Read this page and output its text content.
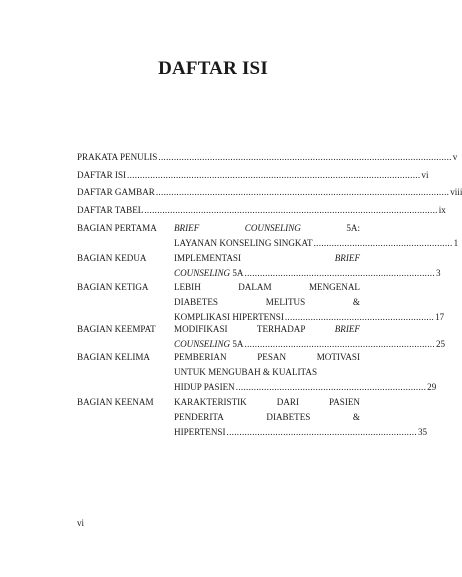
DAFTAR ISI
PRAKATA PENULIS .................................................................................................................. v
DAFTAR ISI .................................................................................................................. vi
DAFTAR GAMBAR .................................................................................................................. viii
DAFTAR TABEL .................................................................................................................. ix
BAGIAN PERTAMA BRIEF	COUNSELING	5A:
LAYANAN KONSELING SINGKAT ...................................................... 1
BAGIAN KEDUA	IMPLEMENTASI	BRIEF
COUNSELING
5A .......................................................................... 3
BAGIAN KETIGA	LEBIH	DALAM	MENGENAL
DIABETES	MELITUS	&
KOMPLIKASI HIPERTENSI .......................................................... 17
BAGIAN KEEMPAT MODIFIKASI	TERHADAP	BRIEF
COUNSELING
5A .......................................................................... 25
BAGIAN KELIMA	PEMBERIAN	PESAN	MOTIVASI
UNTUK MENGUBAH & KUALITAS
HIDUP PASIEN .......................................................................... 29
BAGIAN KEENAM KARAKTERISTIK	DARI	PASIEN
PENDERITA	DIABETES	&
HIPERTENSI .......................................................................... 35
vi
